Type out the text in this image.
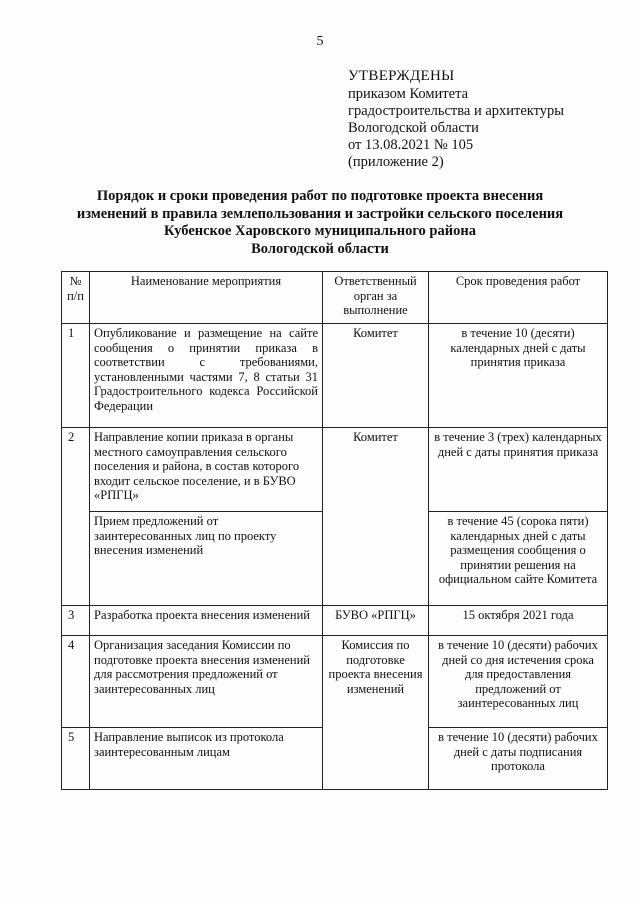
5
УТВЕРЖДЕНЫ
приказом Комитета
градостроительства и архитектуры
Вологодской области
от 13.08.2021 № 105
(приложение 2)
Порядок и сроки проведения работ по подготовке проекта внесения
изменений в правила землепользования и застройки сельского поселения
Кубенское Харовского муниципального района
Вологодской области
№ п/п	Наименование мероприятия	Ответственный орган за выполнение	Срок проведения работ
1	Опубликование и размещение на сайте сообщения о принятии приказа в соответствии с требованиями, установленными частями 7, 8 статьи 31 Градостроительного кодекса Российской Федерации	Комитет	в течение 10 (десяти) календарных дней с даты принятия приказа
2	Направление копии приказа в органы местного самоуправления сельского поселения и района, в состав которого входит сельское поселение, и в БУВО «РПГЦ»	Комитет	в течение 3 (трех) календарных дней с даты принятия приказа
	Прием предложений от заинтересованных лиц по проекту внесения изменений		в течение 45 (сорока пяти) календарных дней с даты размещения сообщения о принятии решения на официальном сайте Комитета
3	Разработка проекта внесения изменений	БУВО «РПГЦ»	15 октября 2021 года
4	Организация заседания Комиссии по подготовке проекта внесения изменений для рассмотрения предложений от заинтересованных лиц	Комиссия по подготовке проекта внесения изменений	в течение 10 (десяти) рабочих дней со дня истечения срока для предоставления предложений от заинтересованных лиц
5	Направление выписок из протокола заинтересованным лицам		в течение 10 (десяти) рабочих дней с даты подписания протокола
